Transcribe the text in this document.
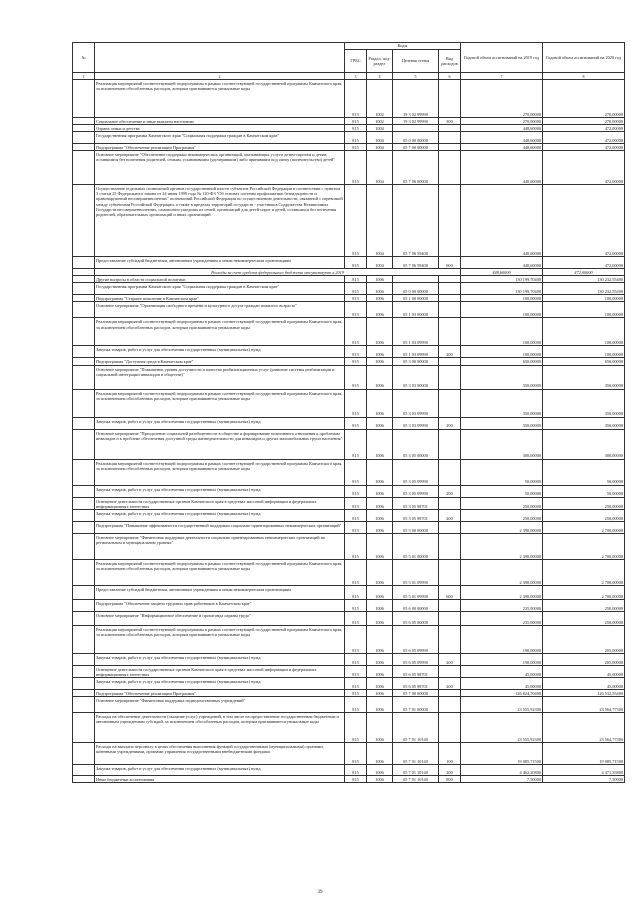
№		Коды				Годовой объем ассигнований на 2019 год	Годовой объем ассигнований на 2020 год
		ГРБС	Раздел, под-раздел	Целевая статья	Вид расходов		
1	2	3	4	5	6	7	8
	Реализация мероприятий соответствующей подпрограммы в рамках соответствующей государственной программы Камчатского края, за исключением обособленных расходов, которым присваиваются уникальные коды	815	1002	19 3 02 99990		270,00000	270,00000
	Социальное обеспечение и иные выплаты населению	815	1002	19 3 02 99990	300	270,00000	270,00000
	Охрана семьи и детства	815	1004			448,60000	472,00000
	Государственная программа Камчатского края "Социальная поддержка граждан в Камчатском крае"	815	1004	05 0 00 00000		448,60000	472,00000
	Подпрограмма "Обеспечение реализации Программы"	815	1004	05 7 00 00000		448,60000	472,00000
	Основное мероприятие "Обеспечение поддержки некоммерческих организаций, оказывающих услуги детям-сиротам и детям, оставшимся без попечения родителей, семьям, усыновившим (удочерившим) либо принявшим под опеку (попечительство) детей"	815	1004	05 7 06 00000		448,60000	472,00000
	Осуществление отдельных полномочий органов государственной власти субъектов Российской Федерации в соответствии с пунктом 3 статьи 25 Федерального закона от 24 июня 1999 года № 120-ФЗ "Об основах системы профилактики безнадзорности и правонарушений несовершеннолетних" полномочий Российской Федерации по осуществлению деятельности, связанной с перевозкой между субъектами Российской Федерации, а также в пределах территорий государств - участников Содружества Независимых Государств несовершеннолетних, самовольно ушедших из семей, организаций для детей-сирот и детей, оставшихся без попечения родителей, образовательных организаций и иных организаций	815	1004	05 7 06 59400		448,60000	472,00000
	Предоставление субсидий бюджетным, автономным учреждениям и иным некоммерческим организациям	815	1004	05 7 06 59400	600	448,60000	472,00000
	Расходы за счет средств федерального бюджета отсутствуют в 2019					448,60000	472,00000
	Другие вопросы в области социальной политики	815	1006			130 199,70400	130 232,55400
	Государственная программа Камчатского края "Социальная поддержка граждан в Камчатском крае"	815	1006	05 0 00 00000		130 199,70400	130 232,55400
	Подпрограмма "Старшее поколение в Камчатском крае"	815	1006	05 1 00 00000		100,00000	100,00000
	Основное мероприятие "Организация свободного времени и культурного досуга граждан пожилого возраста"	815	1006	05 1 03 00000		100,00000	100,00000
	Реализация мероприятий соответствующей подпрограммы в рамках соответствующей государственной программы Камчатского края, за исключением обособленных расходов, которым присваиваются уникальные коды	815	1006	05 1 03 09990		100,00000	100,00000
	Закупка товаров, работ и услуг для обеспечения государственных (муниципальных) нужд	815	1006	05 1 03 09990	200	100,00000	100,00000
	Подпрограмма "Доступная среда в Камчатском крае"	815	1006	05 3 00 00000		650,00000	650,00000
	Основное мероприятие "Повышение уровня доступности и качества реабилитационных услуг (развитие системы реабилитации и социальной интеграции инвалидов в обществе)"	815	1006	05 3 03 00000		350,00000	350,00000
	Реализация мероприятий соответствующей подпрограммы в рамках соответствующей государственной программы Камчатского края, за исключением обособленных расходов, которым присваиваются уникальные коды	815	1006	05 3 03 09990		350,00000	350,00000
	Закупка товаров, работ и услуг для обеспечения государственных (муниципальных) нужд	815	1006	05 3 03 09990	200	350,00000	350,00000
	Основное мероприятие "Преодоление социальной разобщенности в обществе и формирование позитивного отношения к проблемам инвалидов и к проблеме обеспечения доступной среды жизнедеятельности для инвалидов и других маломобильных групп населения"	815	1006	05 3 05 00000		300,00000	300,00000
	Реализация мероприятий соответствующей подпрограммы в рамках соответствующей государственной программы Камчатского края, за исключением обособленных расходов, которым присваиваются уникальные коды	815	1006	05 3 05 09990		50,00000	50,00000
	Закупка товаров, работ и услуг для обеспечения государственных (муниципальных) нужд	815	1006	05 3 05 09990	200	50,00000	50,00000
	Освещение деятельности государственных органов Камчатского края в средствах массовой информации и федеральных информационных агентствах	815	1006	05 3 05 98701		250,00000	250,00000
	Закупка товаров, работ и услуг для обеспечения государственных (муниципальных) нужд	815	1006	05 3 05 98701	200	250,00000	250,00000
	Подпрограмма "Повышение эффективности государственной поддержки социально-ориентированных некоммерческих организаций"	815	1006	05 5 00 00000		2 390,00000	2 700,00000
	Основное мероприятие "Финансовая поддержка деятельности социально ориентированных некоммерческих организаций на региональном и муниципальном уровнях"	815	1006	05 5 01 00000		2 390,00000	2 700,00000
	Реализация мероприятий соответствующей подпрограммы в рамках соответствующей государственной программы Камчатского края, за исключением обособленных расходов, которым присваиваются уникальные коды	815	1006	05 5 01 09990		2 390,00000	2 700,00000
	Предоставление субсидий бюджетным, автономным учреждениям и иным некоммерческим организациям	815	1006	05 5 01 09990	600	2 390,00000	2 700,00000
	Подпрограмма "Обеспечение защиты трудовых прав работников в Камчатском крае"	815	1006	05 6 00 00000		235,00000	250,00000
	Основное мероприятие "Информационное обеспечение и пропаганда охраны труда"	815	1006	05 6 05 00000		235,00000	250,00000
	Реализация мероприятий соответствующей подпрограммы в рамках соответствующей государственной программы Камчатского края, за исключением обособленных расходов, которым присваиваются уникальные коды	815	1006	05 6 05 09990		190,00000	205,00000
	Закупка товаров, работ и услуг для обеспечения государственных (муниципальных) нужд	815	1006	05 6 05 09990	200	190,00000	205,00000
	Освещение деятельности государственных органов Камчатского края в средствах массовой информации и федеральных информационных агентствах	815	1006	05 6 05 98701		45,00000	45,00000
	Закупка товаров, работ и услуг для обеспечения государственных (муниципальных) нужд	815	1006	05 6 05 98701	200	45,00000	45,00000
	Подпрограмма "Обеспечение реализации Программы"	815	1006	05 7 00 00000		126 824,70400	126 532,55400
	Основное мероприятие "Финансовая поддержка подведомственных учреждений"	815	1006	05 7 01 00000		23 555,92300	23 564,77300
	Расходы на обеспечение деятельности (оказание услуг) учреждений, в том числе на предоставление государственным бюджетным и автономным учреждениям субсидий, за исключением обособленных расходов, которым присваиваются уникальные коды	815	1006	05 7 01 10140		23 555,92300	23 564,77300
	Расходы на выплаты персоналу в целях обеспечения выполнения функций государственными (муниципальными) органами, казенными учреждениями, органами управления государственными внебюджетными фондами	815	1006	05 7 01 10140	100	19 085,71500	19 085,71500
	Закупка товаров, работ и услуг для обеспечения государственных (муниципальных) нужд	815	1006	05 7 01 10140	200	4 462,20800	4 471,35800
	Иные бюджетные ассигнования	815	1006	05 7 01 10140	800	7,50000	7,50000
39
